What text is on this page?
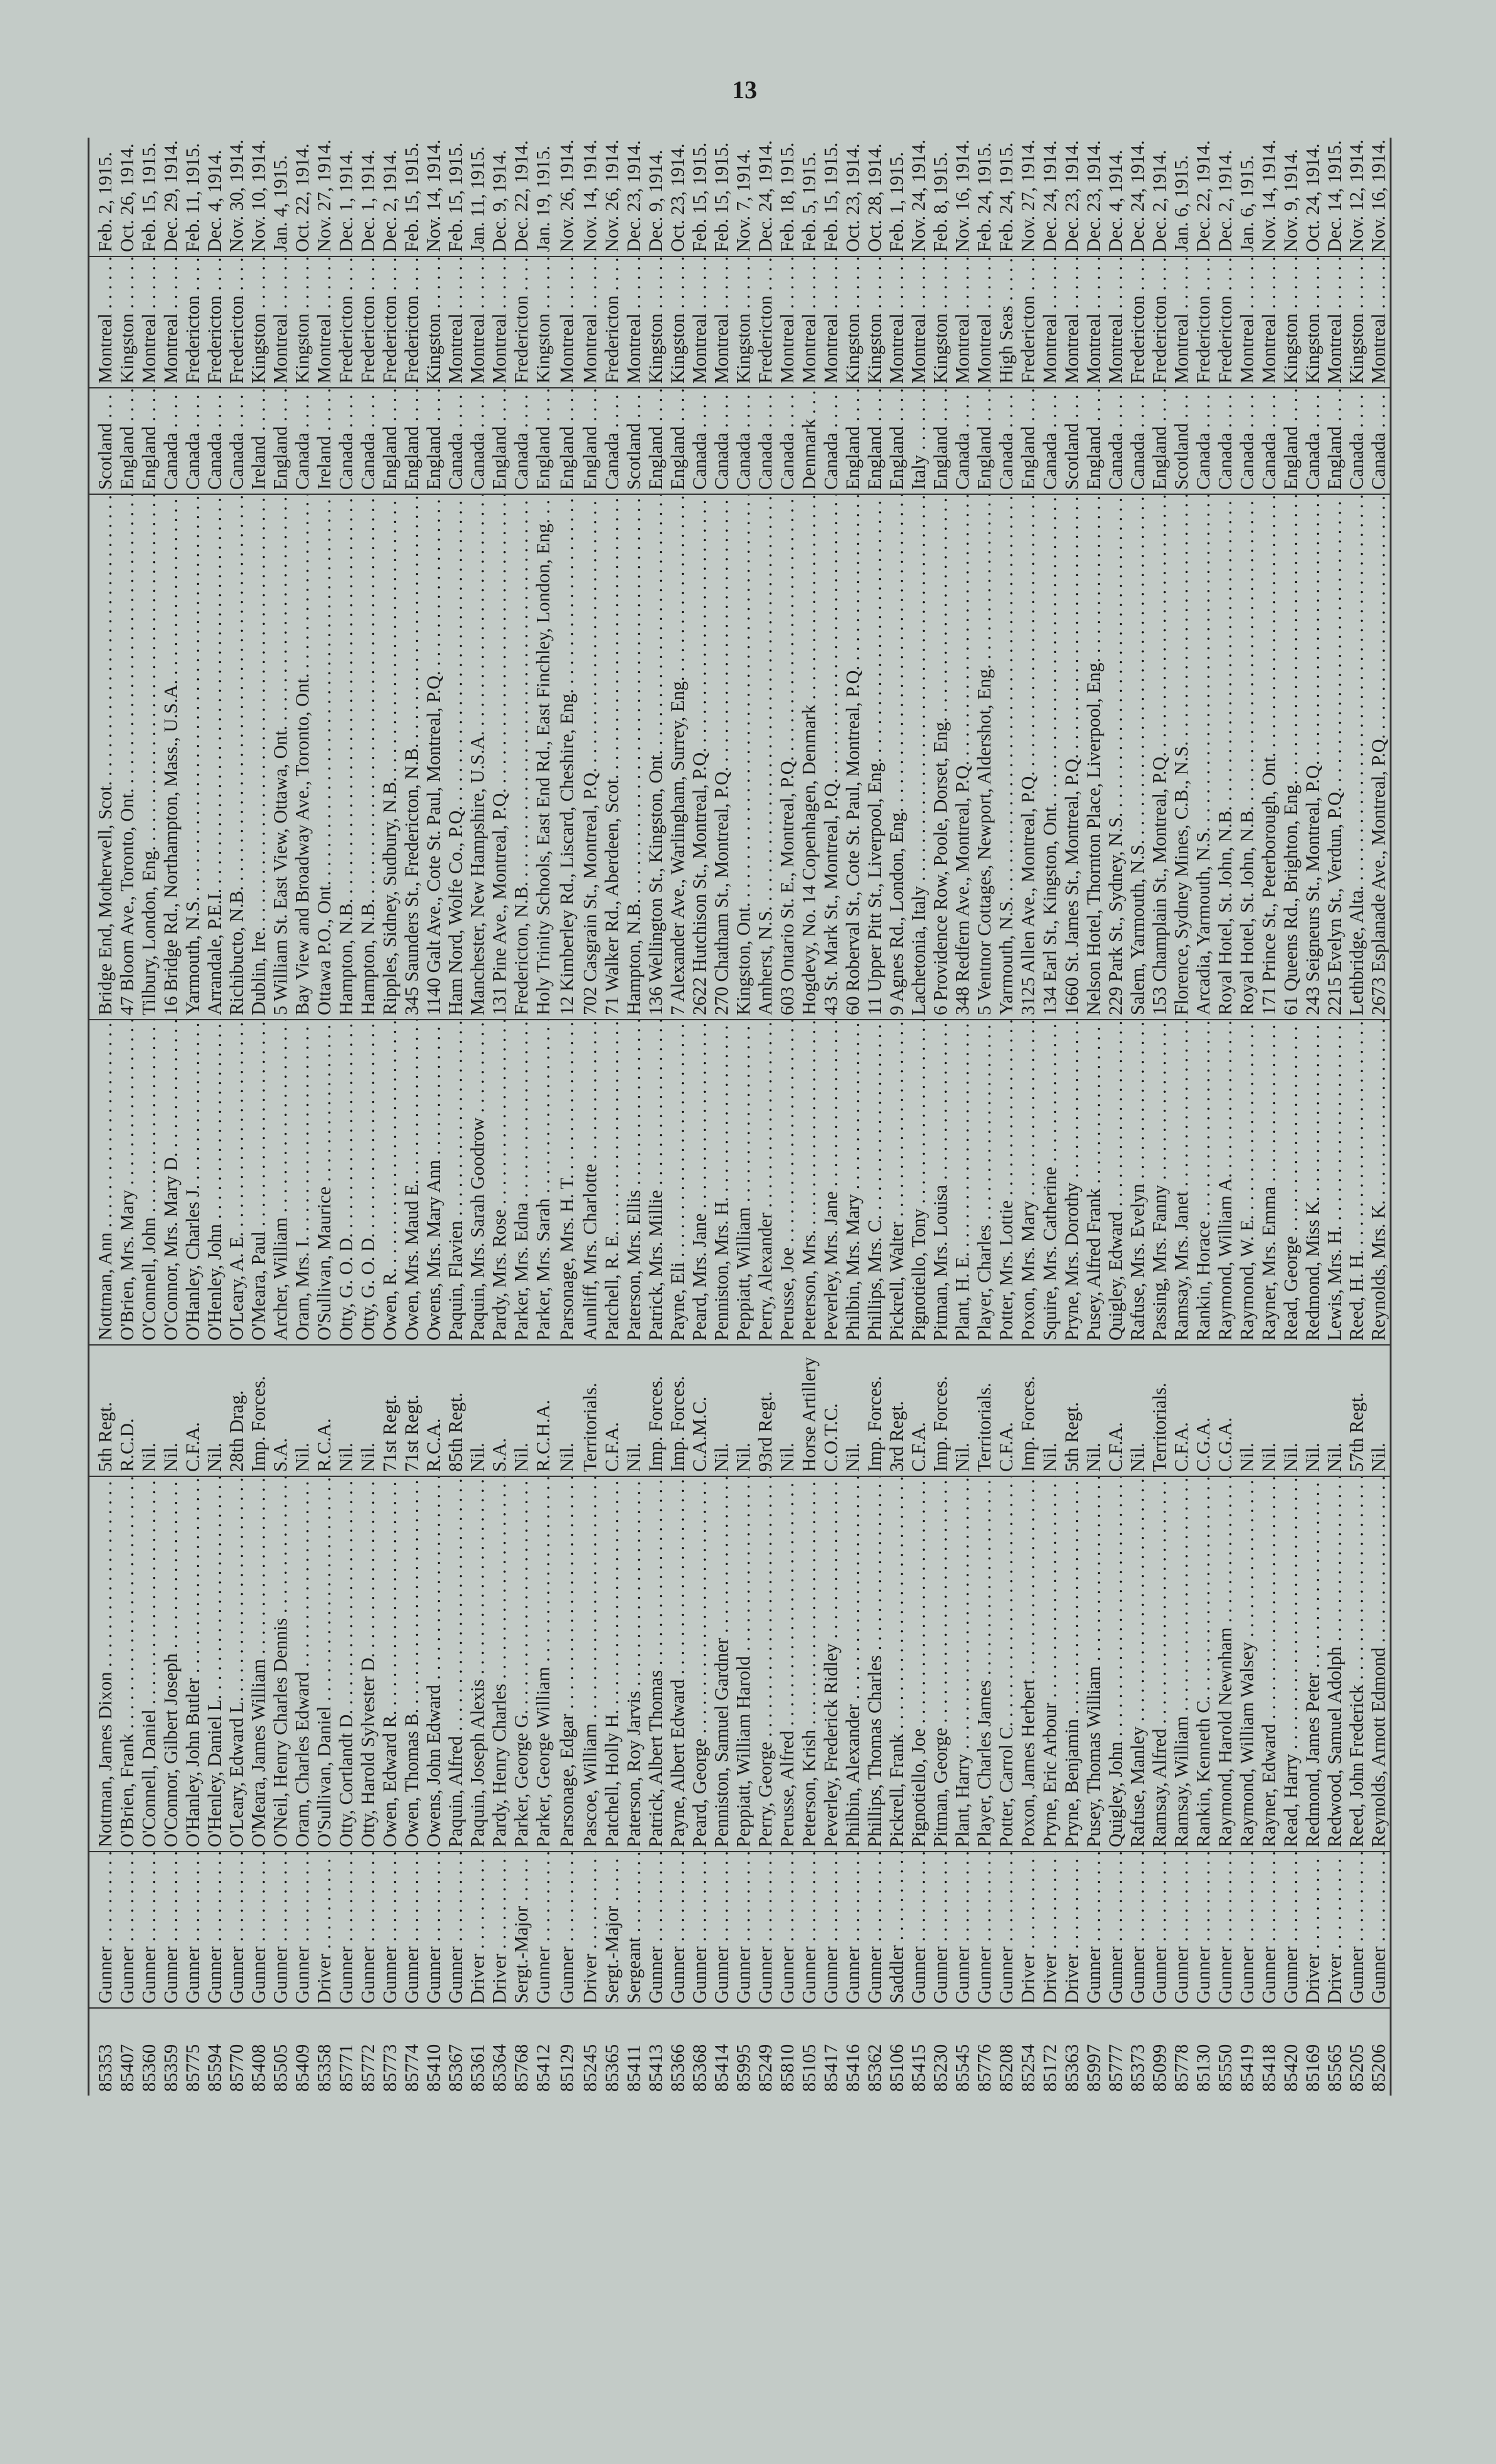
13
85353	Gunner . . .	Nottman, James Dixon . . .	5th Regt.	Nottman, Ann . . .	Bridge End, Motherwell, Scot. . . .	Scotland . . .	Montreal . . .	Feb. 2, 1915.
85407	Gunner . . .	O'Brien, Frank . . .	R.C.D.	O'Brien, Mrs. Mary . . .	47 Bloom Ave., Toronto, Ont. . . .	England . . .	Kingston . . .	Oct. 26, 1914.
85360	Gunner . . .	O'Connell, Daniel . . .	Nil.	O'Connell, John . . .	Tilbury, London, Eng. . . .	England . . .	Montreal . . .	Feb. 15, 1915.
85359	Gunner . . .	O'Connor, Gilbert Joseph . . .	Nil.	O'Connor, Mrs. Mary D. . . .	16 Bridge Rd., Northampton, Mass., U.S.A. . . .	Canada . . .	Montreal . . .	Dec. 29, 1914.
85775	Gunner . . .	O'Hanley, John Butler . . .	C.F.A.	O'Hanley, Charles J. . . .	Yarmouth, N.S. . . .	Canada . . .	Fredericton . . .	Feb. 11, 1915.
85594	Gunner . . .	O'Henley, Daniel L. . . .	Nil.	O'Henley, John . . .	Arrandale, P.E.I. . . .	Canada . . .	Fredericton . . .	Dec. 4, 1914.
85770	Gunner . . .	O'Leary, Edward L. . . .	28th Drag.	O'Leary, A. E. . . .	Richibucto, N.B. . . .	Canada . . .	Fredericton . . .	Nov. 30, 1914.
85408	Gunner . . .	O'Meara, James William . . .	Imp. Forces.	O'Meara, Paul . . .	Dublin, Ire. . . .	Ireland . . .	Kingston . . .	Nov. 10, 1914.
85505	Gunner . . .	O'Neil, Henry Charles Dennis . . .	S.A.	Archer, William . . .	5 William St. East View, Ottawa, Ont. . . .	England . . .	Montreal . . .	Jan. 4, 1915.
85409	Gunner . . .	Oram, Charles Edward . . .	Nil.	Oram, Mrs. I. . . .	Bay View and Broadway Ave., Toronto, Ont. . . .	Canada . . .	Kingston . . .	Oct. 22, 1914.
85358	Driver . . .	O'Sullivan, Daniel . . .	R.C.A.	O'Sullivan, Maurice . . .	Ottawa P.O., Ont. . . .	Ireland . . .	Montreal . . .	Nov. 27, 1914.
85771	Gunner . . .	Otty, Cortlandt D. . . .	Nil.	Otty, G. O. D. . . .	Hampton, N.B. . . .	Canada . . .	Fredericton . . .	Dec. 1, 1914.
85772	Gunner . . .	Otty, Harold Sylvester D. . . .	Nil.	Otty, G. O. D. . . .	Hampton, N.B. . . .	Canada . . .	Fredericton . . .	Dec. 1, 1914.
85773	Gunner . . .	Owen, Edward R. . . .	71st Regt.	Owen, R. . . .	Ripples, Sidney, Sudbury, N.B. . . .	England . . .	Fredericton . . .	Dec. 2, 1914.
85774	Gunner . . .	Owen, Thomas B. . . .	71st Regt.	Owen, Mrs. Maud E. . . .	345 Saunders St., Fredericton, N.B. . . .	England . . .	Fredericton . . .	Feb. 15, 1915.
85410	Gunner . . .	Owens, John Edward . . .	R.C.A.	Owens, Mrs. Mary Ann . . .	1140 Galt Ave., Cote St. Paul, Montreal, P.Q. . . .	England . . .	Kingston . . .	Nov. 14, 1914.
85367	Gunner . . .	Paquin, Alfred . . .	85th Regt.	Paquin, Flavien . . .	Ham Nord, Wolfe Co., P.Q. . . .	Canada . . .	Montreal . . .	Feb. 15, 1915.
85361	Driver . . .	Paquin, Joseph Alexis . . .	Nil.	Paquin, Mrs. Sarah Goodrow . . .	Manchester, New Hampshire, U.S.A. . . .	Canada . . .	Montreal . . .	Jan. 11, 1915.
85364	Driver . . .	Pardy, Henry Charles . . .	S.A.	Pardy, Mrs. Rose . . .	131 Pine Ave., Montreal, P.Q. . . .	England . . .	Montreal . . .	Dec. 9, 1914.
85768	Sergt.-Major . . .	Parker, George G. . . .	Nil.	Parker, Mrs. Edna . . .	Fredericton, N.B. . . .	Canada . . .	Fredericton . . .	Dec. 22, 1914.
85412	Gunner . . .	Parker, George William . . .	R.C.H.A.	Parker, Mrs. Sarah . . .	Holy Trinity Schools, East End Rd., East Finchley, London, Eng. . . .	England . . .	Kingston . . .	Jan. 19, 1915.
85129	Gunner . . .	Parsonage, Edgar . . .	Nil.	Parsonage, Mrs. H. T. . . .	12 Kimberley Rd., Liscard, Cheshire, Eng. . . .	England . . .	Montreal . . .	Nov. 26, 1914.
85245	Driver . . .	Pascoe, William . . .	Territorials.	Aunliff, Mrs. Charlotte . . .	702 Casgrain St., Montreal, P.Q. . . .	England . . .	Montreal . . .	Nov. 14, 1914.
85365	Sergt.-Major . . .	Patchell, Holly H. . . .	C.F.A.	Patchell, R. E. . . .	71 Walker Rd., Aberdeen, Scot. . . .	Canada . . .	Fredericton . . .	Nov. 26, 1914.
85411	Sergeant . . .	Paterson, Roy Jarvis . . .	Nil.	Paterson, Mrs. Ellis . . .	Hampton, N.B. . . .	Scotland . . .	Montreal . . .	Dec. 23, 1914.
85413	Gunner . . .	Patrick, Albert Thomas . . .	Imp. Forces.	Patrick, Mrs. Millie . . .	136 Wellington St., Kingston, Ont. . . .	England . . .	Kingston . . .	Dec. 9, 1914.
85366	Gunner . . .	Payne, Albert Edward . . .	Imp. Forces.	Payne, Eli . . .	7 Alexander Ave., Warlingham, Surrey, Eng. . . .	England . . .	Kingston . . .	Oct. 23, 1914.
85368	Gunner . . .	Peard, George . . .	C.A.M.C.	Peard, Mrs. Jane . . .	2622 Hutchison St., Montreal, P.Q. . . .	Canada . . .	Montreal . . .	Feb. 15, 1915.
85414	Gunner . . .	Penniston, Samuel Gardner . . .	Nil.	Penniston, Mrs. H. . . .	270 Chatham St., Montreal, P.Q. . . .	Canada . . .	Montreal . . .	Feb. 15, 1915.
85995	Gunner . . .	Peppiatt, William Harold . . .	Nil.	Peppiatt, William . . .	Kingston, Ont. . . .	Canada . . .	Kingston . . .	Nov. 7, 1914.
85249	Gunner . . .	Perry, George . . .	93rd Regt.	Perry, Alexander . . .	Amherst, N.S. . . .	Canada . . .	Fredericton . . .	Dec. 24, 1914.
85810	Gunner . . .	Perusse, Alfred . . .	Nil.	Perusse, Joe . . .	603 Ontario St. E., Montreal, P.Q. . . .	Canada . . .	Montreal . . .	Feb. 18, 1915.
85105	Gunner . . .	Peterson, Krish . . .	Horse Artillery	Peterson, Mrs. . . .	Hogdevy, No. 14 Copenhagen, Denmark . . .	Denmark . . .	Montreal . . .	Feb. 5, 1915.
85417	Gunner . . .	Peverley, Frederick Ridley . . .	C.O.T.C.	Peverley, Mrs. Jane . . .	43 St. Mark St., Montreal, P.Q. . . .	Canada . . .	Montreal . . .	Feb. 15, 1915.
85416	Gunner . . .	Philbin, Alexander . . .	Nil.	Philbin, Mrs. Mary . . .	60 Roberval St., Cote St. Paul, Montreal, P.Q. . . .	England . . .	Kingston . . .	Oct. 23, 1914.
85362	Gunner . . .	Phillips, Thomas Charles . . .	Imp. Forces.	Phillips, Mrs. C. . . .	11 Upper Pitt St., Liverpool, Eng. . . .	England . . .	Kingston . . .	Oct. 28, 1914.
85106	Saddler . . .	Pickrell, Frank . . .	3rd Regt.	Pickrell, Walter . . .	9 Agnes Rd., London, Eng. . . .	England . . .	Montreal . . .	Feb. 1, 1915.
85415	Gunner . . .	Pignotiello, Joe . . .	C.F.A.	Pignotiello, Tony . . .	Lachetonia, Italy . . .	Italy . . .	Montreal . . .	Nov. 24, 1914.
85230	Gunner . . .	Pitman, George . . .	Imp. Forces.	Pitman, Mrs. Louisa . . .	6 Providence Row, Poole, Dorset, Eng. . . .	England . . .	Kingston . . .	Feb. 8, 1915.
85545	Gunner . . .	Plant, Harry . . .	Nil.	Plant, H. E. . . .	348 Redfern Ave., Montreal, P.Q. . . .	Canada . . .	Montreal . . .	Nov. 16, 1914.
85776	Gunner . . .	Player, Charles James . . .	Territorials.	Player, Charles . . .	5 Ventnor Cottages, Newport, Aldershot, Eng. . . .	England . . .	Montreal . . .	Feb. 24, 1915.
85208	Gunner . . .	Potter, Carrol C. . . .	C.F.A.	Potter, Mrs. Lottie . . .	Yarmouth, N.S. . . .	Canada . . .	High Seas . . .	Feb. 24, 1915.
85254	Driver . . .	Poxon, James Herbert . . .	Imp. Forces.	Poxon, Mrs. Mary . . .	3125 Allen Ave., Montreal, P.Q. . . .	England . . .	Fredericton . . .	Nov. 27, 1914.
85172	Driver . . .	Pryne, Eric Arbour . . .	Nil.	Squire, Mrs. Catherine . . .	134 Earl St., Kingston, Ont. . . .	Canada . . .	Montreal . . .	Dec. 24, 1914.
85363	Driver . . .	Pryne, Benjamin . . .	5th Regt.	Pryne, Mrs. Dorothy . . .	1660 St. James St., Montreal, P.Q. . . .	Scotland . . .	Montreal . . .	Dec. 23, 1914.
85997	Gunner . . .	Pusey, Thomas William . . .	Nil.	Pusey, Alfred Frank . . .	Nelson Hotel, Thornton Place, Liverpool, Eng. . . .	England . . .	Montreal . . .	Dec. 23, 1914.
85777	Gunner . . .	Quigley, John . . .	C.F.A.	Quigley, Edward . . .	229 Park St., Sydney, N.S. . . .	Canada . . .	Montreal . . .	Dec. 4, 1914.
85373	Gunner . . .	Rafuse, Manley . . .	Nil.	Rafuse, Mrs. Evelyn . . .	Salem, Yarmouth, N.S. . . .	Canada . . .	Fredericton . . .	Dec. 24, 1914.
85099	Gunner . . .	Ramsay, Alfred . . .	Territorials.	Passing, Mrs. Fanny . . .	153 Champlain St., Montreal, P.Q. . . .	England . . .	Fredericton . . .	Dec. 2, 1914.
85778	Gunner . . .	Ramsay, William . . .	C.F.A.	Ramsay, Mrs. Janet . . .	Florence, Sydney Mines, C.B., N.S. . . .	Scotland . . .	Montreal . . .	Jan. 6, 1915.
85130	Gunner . . .	Rankin, Kenneth C. . . .	C.G.A.	Rankin, Horace . . .	Arcadia, Yarmouth, N.S. . . .	Canada . . .	Fredericton . . .	Dec. 22, 1914.
85550	Gunner . . .	Raymond, Harold Newnham . . .	C.G.A.	Raymond, William A. . . .	Royal Hotel, St. John, N.B. . . .	Canada . . .	Fredericton . . .	Dec. 2, 1914.
85419	Gunner . . .	Raymond, William Walsey . . .	Nil.	Raymond, W. E. . . .	Royal Hotel, St. John, N.B. . . .	Canada . . .	Montreal . . .	Jan. 6, 1915.
85418	Gunner . . .	Rayner, Edward . . .	Nil.	Rayner, Mrs. Emma . . .	171 Prince St., Peterborough, Ont. . . .	Canada . . .	Montreal . . .	Nov. 14, 1914.
85420	Gunner . . .	Read, Harry . . .	Nil.	Read, George . . .	61 Queens Rd., Brighton, Eng. . . .	England . . .	Kingston . . .	Nov. 9, 1914.
85169	Driver . . .	Redmond, James Peter . . .	Nil.	Redmond, Miss K. . . .	243 Seigneurs St., Montreal, P.Q. . . .	Canada . . .	Kingston . . .	Oct. 24, 1914.
85565	Driver . . .	Redwood, Samuel Adolph . . .	Nil.	Lewis, Mrs. H. . . .	2215 Evelyn St., Verdun, P.Q. . . .	England . . .	Montreal . . .	Dec. 14, 1915.
85205	Gunner . . .	Reed, John Frederick . . .	57th Regt.	Reed, H. H. . . .	Lethbridge, Alta. . . .	Canada . . .	Kingston . . .	Nov. 12, 1914.
85206	Gunner . . .	Reynolds, Arnott Edmond . . .	Nil.	Reynolds, Mrs. K. . . .	2673 Esplanade Ave., Montreal, P.Q. . . .	Canada . . .	Montreal . . .	Nov. 16, 1914.
